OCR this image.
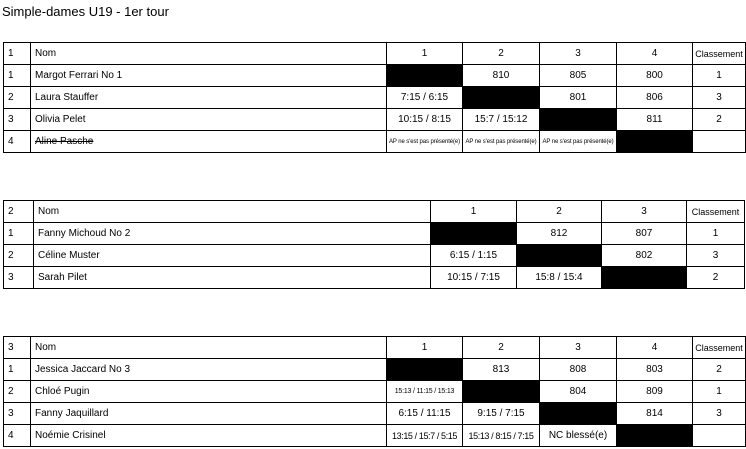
Simple-dames U19 - 1er tour
1	Nom	1	2	3	4	Classement
1	Margot Ferrari No 1		810	805	800	1
2	Laura Stauffer	7:15 / 6:15		801	806	3
3	Olivia Pelet	10:15 / 8:15	15:7 / 15:12		811	2
4	Aline Pasche	AP ne s'est pas présenté(e)	AP ne s'est pas présenté(e)	AP ne s'est pas présenté(e)		
2	Nom	1	2	3	Classement
1	Fanny Michoud No 2		812	807	1
2	Céline Muster	6:15 / 1:15		802	3
3	Sarah Pilet	10:15 / 7:15	15:8 / 15:4		2
3	Nom	1	2	3	4	Classement
1	Jessica Jaccard No 3		813	808	803	2
2	Chloé Pugin	15:13 / 11:15 / 15:13		804	809	1
3	Fanny Jaquillard	6:15 / 11:15	9:15 / 7:15		814	3
4	Noémie Crisinel	13:15 / 15:7 / 5:15	15:13 / 8:15 / 7:15	NC blessé(e)		
